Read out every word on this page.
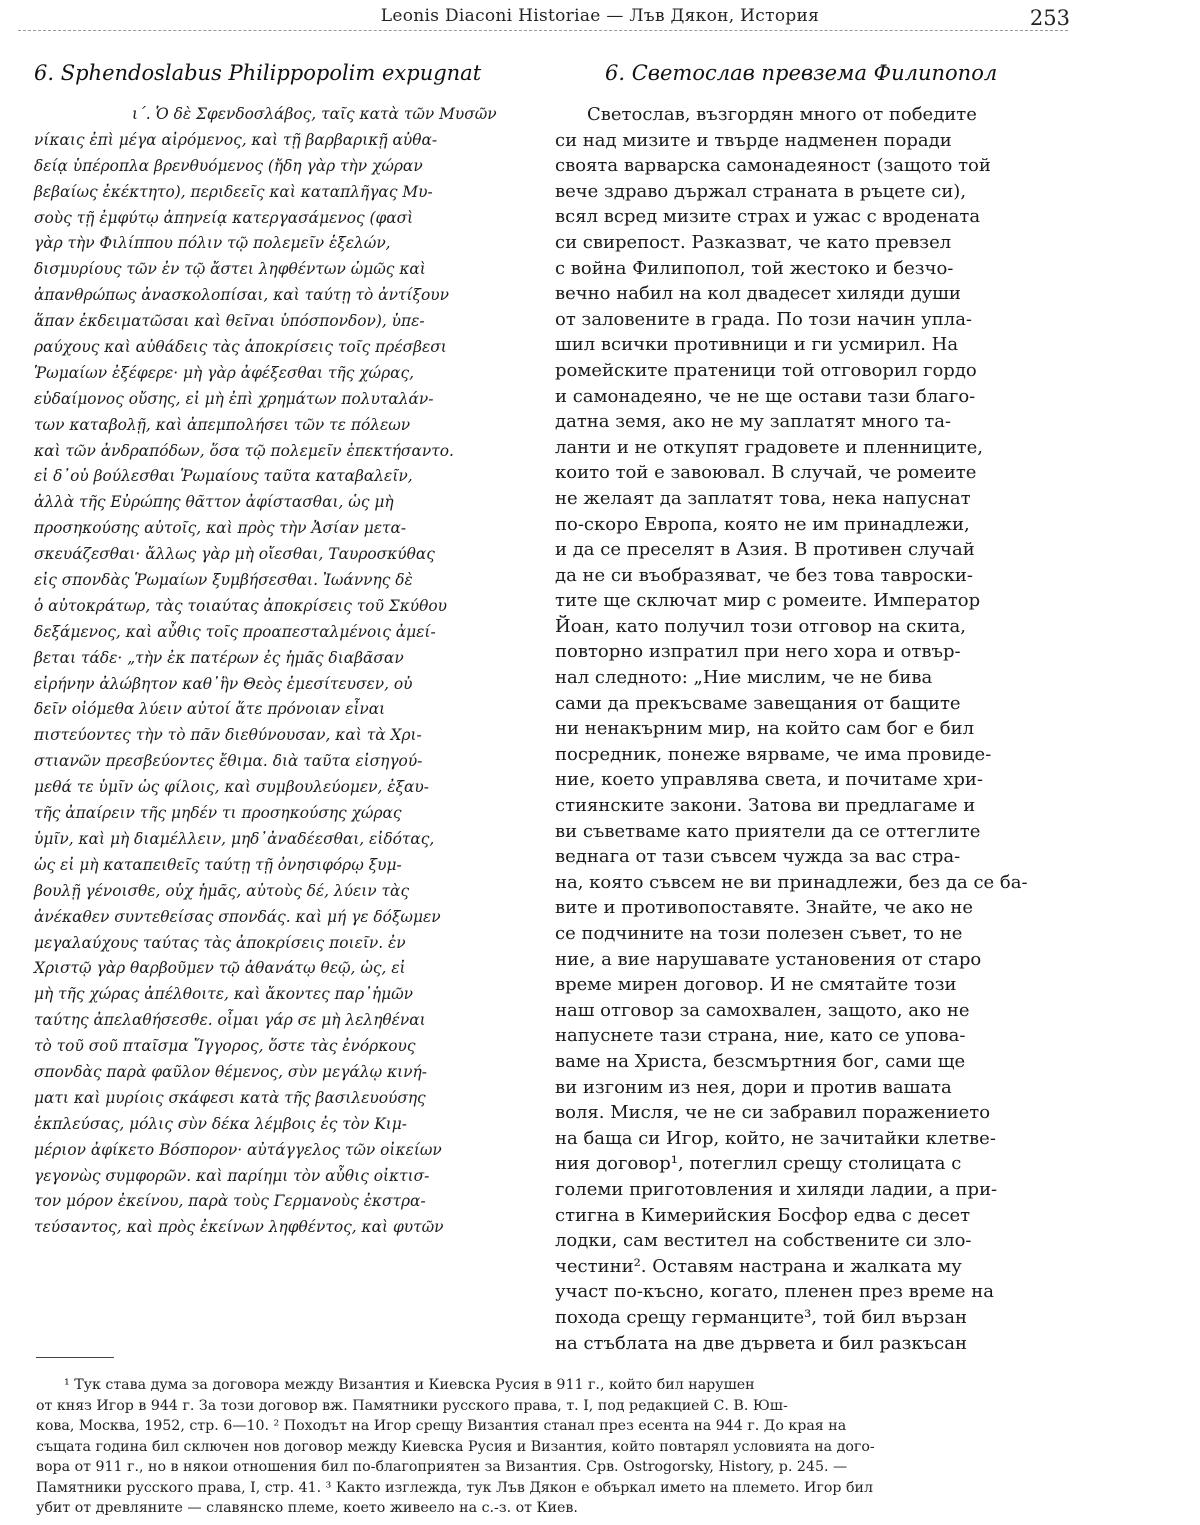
Leonis Diaconi Historiae — Лъв Дякон, История	253
6. Sphendoslabus Philippopolim expugnat
ι΄. Ὁ δὲ Σφενδοσλάβος, ταῖς κατὰ τῶν Μυσῶν
νίκαις ἐπὶ μέγα αἰρόμενος, καὶ τῇ βαρβαρικῇ αὐθα-
δείᾳ ὑπέροπλα βρενθυόμενος (ἤδη γὰρ τὴν χώραν
βεβαίως ἐκέκτητο), περιδεεῖς καὶ καταπλῆγας Μυ-
σοὺς τῇ ἐμφύτῳ ἀπηνείᾳ κατεργασάμενος (φασὶ
γὰρ τὴν Φιλίππου πόλιν τῷ πολεμεῖν ἑξελών,
δισμυρίους τῶν ἐν τῷ ἄστει ληφθέντων ὠμῶς καὶ
ἀπανθρώπως ἀνασκολοπίσαι, καὶ ταύτῃ τὸ ἀντίξουν
ἅπαν ἐκδειματῶσαι καὶ θεῖναι ὑπόσπονδον), ὑπε-
ραύχους καὶ αὐθάδεις τὰς ἀποκρίσεις τοῖς πρέσβεσι
Ῥωμαίων ἐξέφερε· μὴ γὰρ ἀφέξεσθαι τῆς χώρας,
εὐδαίμονος οὔσης, εἰ μὴ ἐπὶ χρημάτων πολυταλάν-
των καταβολῇ, καὶ ἀπεμπολήσει τῶν τε πόλεων
καὶ τῶν ἀνδραπόδων, ὅσα τῷ πολεμεῖν ἐπεκτήσαντο.
εἰ δ᾽οὐ βούλεσθαι Ῥωμαίους ταῦτα καταβαλεῖν,
ἀλλὰ τῆς Εὐρώπης θᾶττον ἀφίστασθαι, ὡς μὴ
προσηκούσης αὐτοῖς, καὶ πρὸς τὴν Ἀσίαν μετα-
σκευάζεσθαι· ἄλλως γὰρ μὴ οἴεσθαι, Ταυροσκύθας
εἰς σπονδὰς Ῥωμαίων ξυμβήσεσθαι. Ἰωάννης δὲ
ὁ αὐτοκράτωρ, τὰς τοιαύτας ἀποκρίσεις τοῦ Σκύθου
δεξάμενος, καὶ αὖθις τοῖς προαπεσταλμένοις ἀμεί-
βεται τάδε· „τὴν ἐκ πατέρων ἐς ἡμᾶς διαβᾶσαν
εἰρήνην ἀλώβητον καθ᾽ἣν Θεὸς ἐμεσίτευσεν, οὐ
δεῖν οἰόμεθα λύειν αὐτοί ἅτε πρόνοιαν εἶναι
πιστεύοντες τὴν τὸ πᾶν διεθύνουσαν, καὶ τὰ Χρι-
στιανῶν πρεσβεύοντες ἔθιμα. διὰ ταῦτα εἰσηγού-
μεθά τε ὑμῖν ὡς φίλοις, καὶ συμβουλεύομεν, ἐξαυ-
τῆς ἀπαίρειν τῆς μηδέν τι προσηκούσης χώρας
ὑμῖν, καὶ μὴ διαμέλλειν, μηδ᾽ἀναδέεσθαι, εἰδότας,
ὡς εἰ μὴ καταπειθεῖς ταύτῃ τῇ ὀνησιφόρῳ ξυμ-
βουλῇ γένοισθε, οὐχ ἡμᾶς, αὐτοὺς δέ, λύειν τὰς
ἀνέκαθεν συντεθείσας σπονδάς. καὶ μή γε δόξωμεν
μεγαλαύχους ταύτας τὰς ἀποκρίσεις ποιεῖν. ἐν
Χριστῷ γὰρ θαρβοῦμεν τῷ ἀθανάτῳ θεῷ, ὡς, εἰ
μὴ τῆς χώρας ἀπέλθοιτε, καὶ ἄκοντες παρ᾽ἡμῶν
ταύτης ἀπελαθήσεσθε. οἶμαι γάρ σε μὴ λεληθέναι
τὸ τοῦ σοῦ πταῖσμα Ἴγγορος, ὅστε τὰς ἐνόρκους
σπονδὰς παρὰ φαῦλον θέμενος, σὺν μεγάλῳ κινή-
ματι καὶ μυρίοις σκάφεσι κατὰ τῆς βασιλευούσης
ἐκπλεύσας, μόλις σὺν δέκα λέμβοις ἐς τὸν Κιμ-
μέριον ἀφίκετο Βόσπορον· αὐτάγγελος τῶν οἰκείων
γεγονὼς συμφορῶν. καὶ παρίημι τὸν αὖθις οἰκτισ-
τον μόρον ἐκείνου, παρὰ τοὺς Γερμανοὺς ἐκστρα-
τεύσαντος, καὶ πρὸς ἐκείνων ληφθέντος, καὶ φυτῶν
6. Светослав превзема Филипопол
Светослав, възгордян много от победите
си над мизите и твърде надменен поради
своята варварска самонадеяност (защото той
вече здраво държал страната в ръцете си),
всял всред мизите страх и ужас с вродената
си свирепост. Разказват, че като превзел
с война Филипопол, той жестоко и безчо-
вечно набил на кол двадесет хиляди души
от заловените в града. По този начин упла-
шил всички противници и ги усмирил. На
ромейските пратеници той отговорил гордо
и самонадеяно, че не ще остави тази благо-
датна земя, ако не му заплатят много та-
ланти и не откупят градовете и пленниците,
които той е завоювал. В случай, че ромеите
не желаят да заплатят това, нека напуснат
по-скоро Европа, която не им принадлежи,
и да се преселят в Азия. В противен случай
да не си въобразяват, че без това тавроски-
тите ще сключат мир с ромеите. Император
Йоан, като получил този отговор на скита,
повторно изпратил при него хора и отвър-
нал следното: „Ние мислим, че не бива
сами да прекъсваме завещания от бащите
ни ненакърним мир, на който сам бог е бил
посредник, понеже вярваме, че има провиде-
ние, което управлява света, и почитаме хри-
стиянските закони. Затова ви предлагаме и
ви съветваме като приятели да се оттеглите
веднага от тази съвсем чужда за вас стра-
на, която съвсем не ви принадлежи, без да се ба-
вите и противопоставяте. Знайте, че ако не
се подчините на този полезен съвет, то не
ние, а вие нарушавате установения от старо
време мирен договор. И не смятайте този
наш отговор за самохвален, защото, ако не
напуснете тази страна, ние, като се упова-
ваме на Христа, безсмъртния бог, сами ще
ви изгоним из нея, дори и против вашата
воля. Мисля, че не си забравил поражението
на баща си Игор, който, не зачитайки клетве-
ния договор¹, потеглил срещу столицата с
голeми приготовления и хиляди ладии, а при-
стигна в Кимерийския Босфор едва с десет
лодки, сам вестител на собствените си зло-
честини². Оставям настрана и жалката му
участ по-късно, когато, пленен през време на
похода срещу германците³, той бил вързан
на стъблата на две дървета и бил разкъсан
¹ Тук става дума за договора между Византия и Киевска Русия в 911 г., който бил нарушен
от княз Игор в 944 г. За този договор вж. Памятники русского права, т. I, под редакцией С. В. Юш-
кова, Москва, 1952, стр. 6—10. ² Походът на Игор срещу Византия станал през есента на 944 г. До края на
същата година бил сключен нов договор между Киевска Русия и Византия, който повтарял условията на дого-
вора от 911 г., но в някои отношения бил по-благоприятен за Византия. Срв. Ostrogorsky, History, p. 245. —
Памятники русского права, I, стр. 41. ³ Както изглежда, тук Лъв Дякон е объркал името на племето. Игор бил
убит от древляните — славянско племе, което живеело на с.-з. от Киев.
